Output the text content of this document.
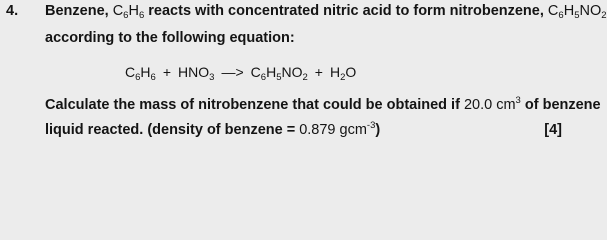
4. Benzene, $C_6H_6$ reacts with concentrated nitric acid to form nitrobenzene, $C_6H_5NO_2$
according to the following equation:
$C_6H_6 + HNO_3$ —> $C_6H_5NO_2 + H_2O$
Calculate the mass of nitrobenzene that could be obtained if 20.0 $cm^3$ of benzene
liquid reacted. (density of benzene = 0.879 gcm$^{-3}$)	[4]
